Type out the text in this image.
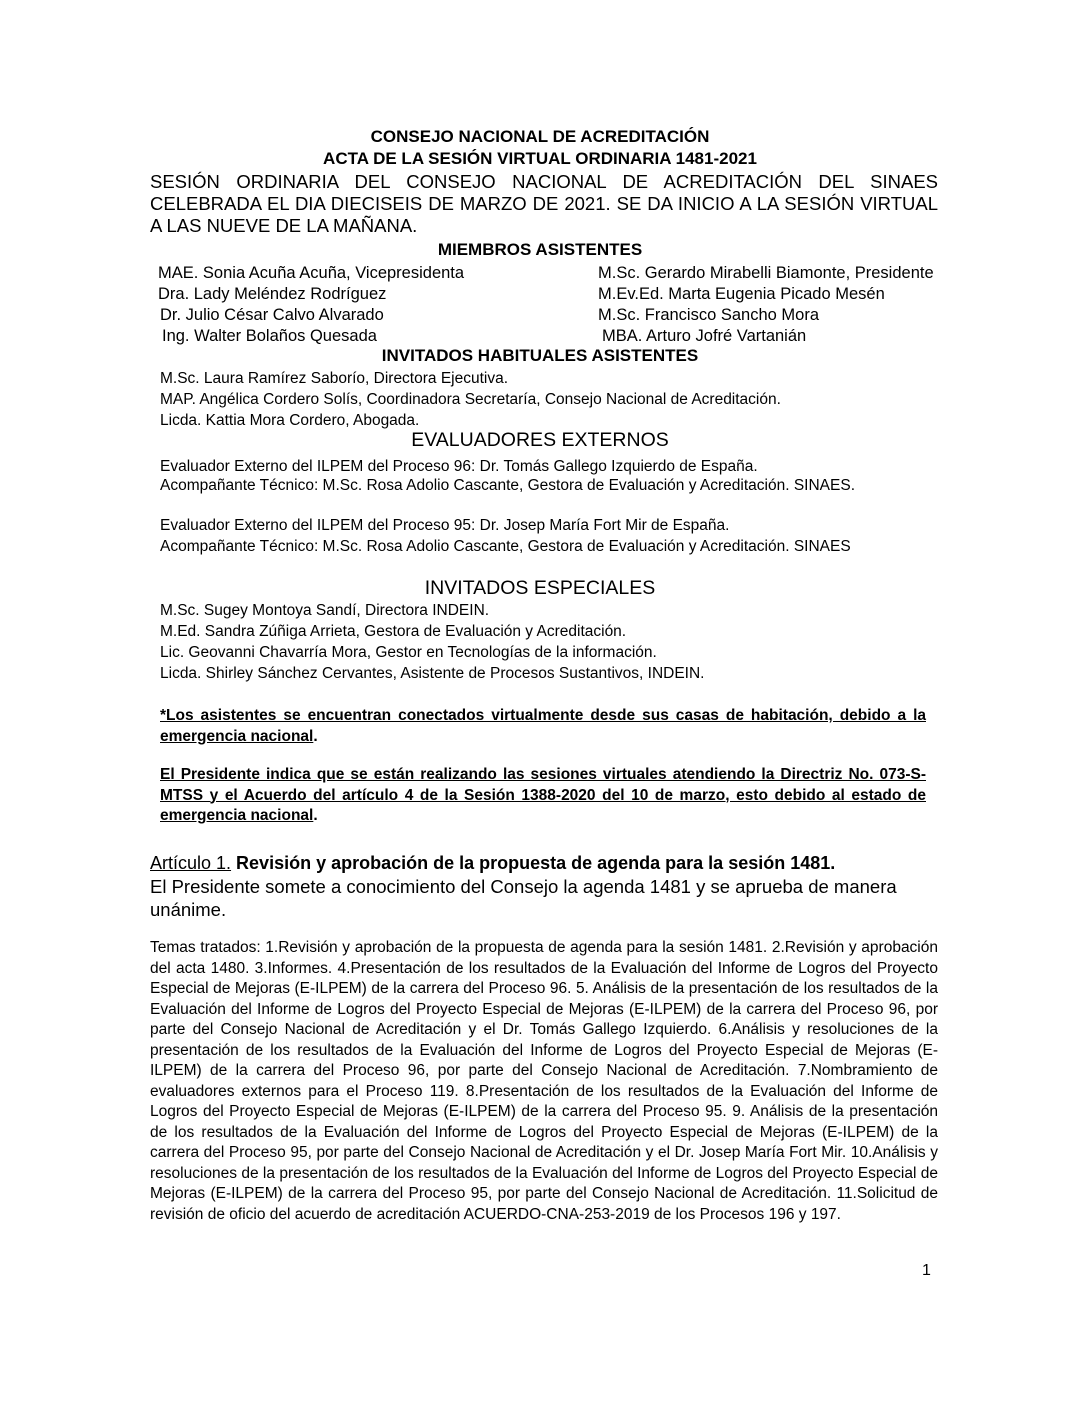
CONSEJO NACIONAL DE ACREDITACIÓN
ACTA DE LA SESIÓN VIRTUAL ORDINARIA 1481-2021
SESIÓN ORDINARIA DEL CONSEJO NACIONAL DE ACREDITACIÓN DEL SINAES CELEBRADA EL DIA DIECISEIS DE MARZO DE 2021. SE DA INICIO A LA SESIÓN VIRTUAL A LAS NUEVE DE LA MAÑANA.
MIEMBROS ASISTENTES
MAE. Sonia Acuña Acuña, Vicepresidenta
Dra. Lady Meléndez Rodríguez
Dr. Julio César Calvo Alvarado
Ing. Walter Bolaños Quesada
M.Sc. Gerardo Mirabelli Biamonte, Presidente
M.Ev.Ed. Marta Eugenia Picado Mesén
M.Sc. Francisco Sancho Mora
MBA. Arturo Jofré Vartanián
INVITADOS HABITUALES ASISTENTES
M.Sc. Laura Ramírez Saborío, Directora Ejecutiva.
MAP. Angélica Cordero Solís, Coordinadora Secretaría, Consejo Nacional de Acreditación.
Licda. Kattia Mora Cordero, Abogada.
EVALUADORES EXTERNOS
Evaluador Externo del ILPEM del Proceso 96: Dr. Tomás Gallego Izquierdo de España.
Acompañante Técnico: M.Sc. Rosa Adolio Cascante, Gestora de Evaluación y Acreditación. SINAES.
Evaluador Externo del ILPEM del Proceso 95: Dr. Josep María Fort Mir de España.
Acompañante Técnico: M.Sc. Rosa Adolio Cascante, Gestora de Evaluación y Acreditación. SINAES
INVITADOS ESPECIALES
M.Sc. Sugey Montoya Sandí, Directora INDEIN.
M.Ed. Sandra Zúñiga Arrieta, Gestora de Evaluación y Acreditación.
Lic. Geovanni Chavarría Mora, Gestor en Tecnologías de la información.
Licda. Shirley Sánchez Cervantes, Asistente de Procesos Sustantivos, INDEIN.
*Los asistentes se encuentran conectados virtualmente desde sus casas de habitación, debido a la emergencia nacional.
El Presidente indica que se están realizando las sesiones virtuales atendiendo la Directriz No. 073-S-MTSS y el Acuerdo del artículo 4 de la Sesión 1388-2020 del 10 de marzo, esto debido al estado de emergencia nacional.
Artículo 1. Revisión y aprobación de la propuesta de agenda para la sesión 1481.
El Presidente somete a conocimiento del Consejo la agenda 1481 y se aprueba de manera unánime.
Temas tratados: 1.Revisión y aprobación de la propuesta de agenda para la sesión 1481. 2.Revisión y aprobación del acta 1480. 3.Informes. 4.Presentación de los resultados de la Evaluación del Informe de Logros del Proyecto Especial de Mejoras (E-ILPEM) de la carrera del Proceso 96. 5. Análisis de la presentación de los resultados de la Evaluación del Informe de Logros del Proyecto Especial de Mejoras (E-ILPEM) de la carrera del Proceso 96, por parte del Consejo Nacional de Acreditación y el Dr. Tomás Gallego Izquierdo. 6.Análisis y resoluciones de la presentación de los resultados de la Evaluación del Informe de Logros del Proyecto Especial de Mejoras (E-ILPEM) de la carrera del Proceso 96, por parte del Consejo Nacional de Acreditación. 7.Nombramiento de evaluadores externos para el Proceso 119. 8.Presentación de los resultados de la Evaluación del Informe de Logros del Proyecto Especial de Mejoras (E-ILPEM) de la carrera del Proceso 95. 9. Análisis de la presentación de los resultados de la Evaluación del Informe de Logros del Proyecto Especial de Mejoras (E-ILPEM) de la carrera del Proceso 95, por parte del Consejo Nacional de Acreditación y el Dr. Josep María Fort Mir. 10.Análisis y resoluciones de la presentación de los resultados de la Evaluación del Informe de Logros del Proyecto Especial de Mejoras (E-ILPEM) de la carrera del Proceso 95, por parte del Consejo Nacional de Acreditación. 11.Solicitud de revisión de oficio del acuerdo de acreditación ACUERDO-CNA-253-2019 de los Procesos 196 y 197.
1
